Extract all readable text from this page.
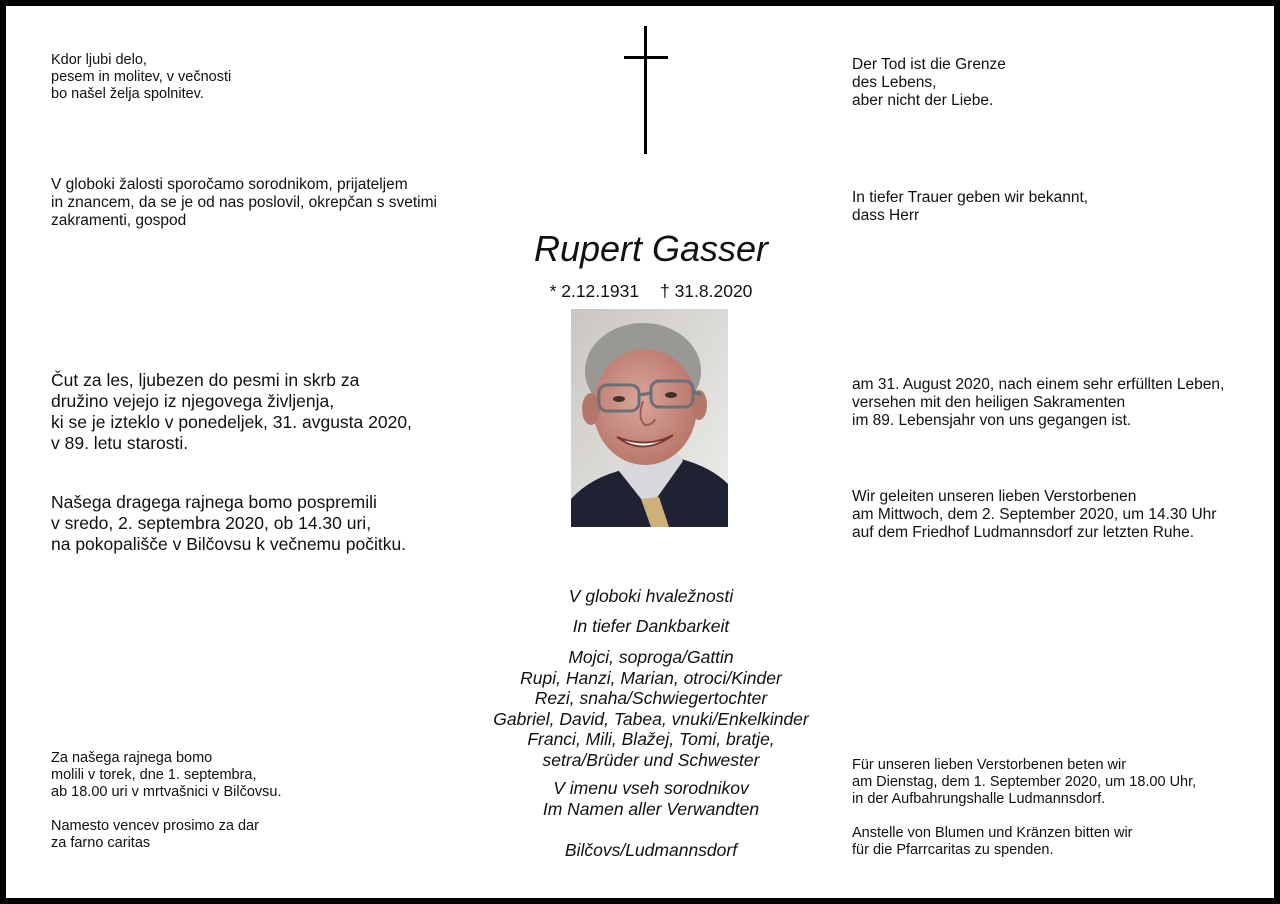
Kdor ljubi delo,
pesem in molitev, v večnosti
bo našel želja spolnitev.
V globoki žalosti sporočamo sorodnikom, prijateljem
in znancem, da se je od nas poslovil, okrepčan s svetimi
zakramenti, gospod
Čut za les, ljubezen do pesmi in skrb za
družino vejejo iz njegovega življenja,
ki se je izteklo v ponedeljek, 31. avgusta 2020,
v 89. letu starosti.
Našega dragega rajnega bomo pospremili
v sredo, 2. septembra 2020, ob 14.30 uri,
na pokopališče v Bilčovsu k večnemu počitku.
Za našega rajnega bomo
molili v torek, dne 1. septembra,
ab 18.00 uri v mrtvašnici v Bilčovsu.
Namesto vencev prosimo za dar
za farno caritas
Rupert Gasser
* 2.12.1931 † 31.8.2020
V globoki hvaležnosti
In tiefer Dankbarkeit
Mojci, soproga/Gattin
Rupi, Hanzi, Marian, otroci/Kinder
Rezi, snaha/Schwiegertochter
Gabriel, David, Tabea, vnuki/Enkelkinder
Franci, Mili, Blažej, Tomi, bratje,
setra/Brüder und Schwester
V imenu vseh sorodnikov
Im Namen aller Verwandten
Bilčovs/Ludmannsdorf
Der Tod ist die Grenze
des Lebens,
aber nicht der Liebe.
In tiefer Trauer geben wir bekannt,
dass Herr
am 31. August 2020, nach einem sehr erfüllten Leben,
versehen mit den heiligen Sakramenten
im 89. Lebensjahr von uns gegangen ist.
Wir geleiten unseren lieben Verstorbenen
am Mittwoch, dem 2. September 2020, um 14.30 Uhr
auf dem Friedhof Ludmannsdorf zur letzten Ruhe.
Für unseren lieben Verstorbenen beten wir
am Dienstag, dem 1. September 2020, um 18.00 Uhr,
in der Aufbahrungshalle Ludmannsdorf.
Anstelle von Blumen und Kränzen bitten wir
für die Pfarrcaritas zu spenden.
